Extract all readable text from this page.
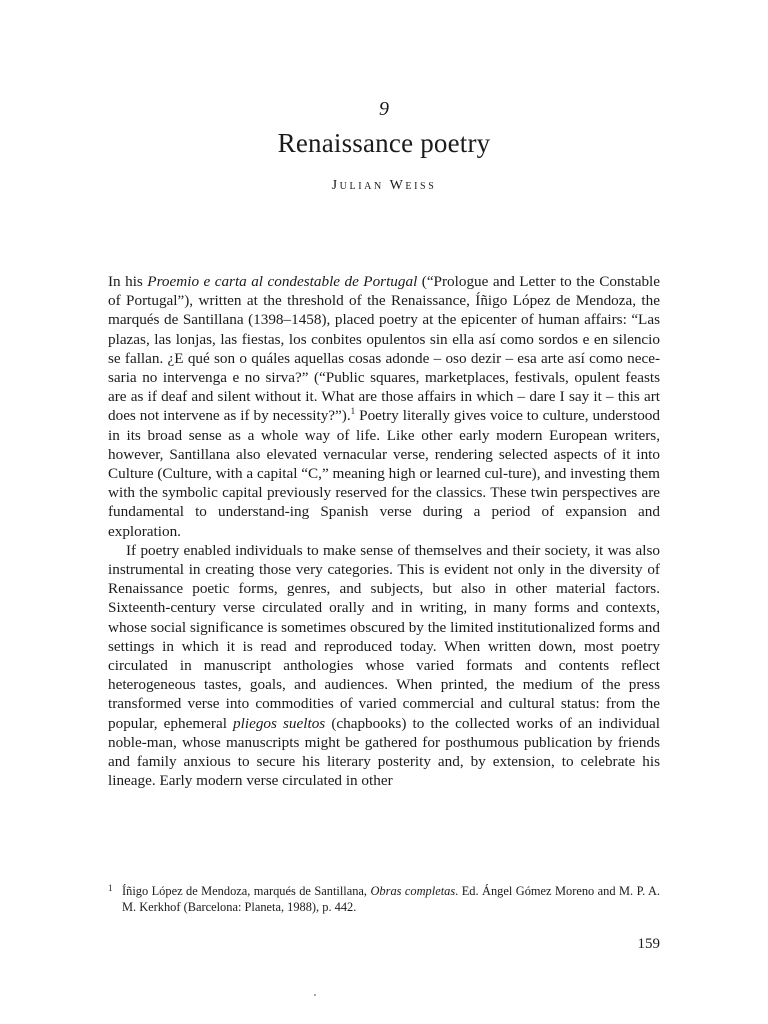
9
Renaissance poetry
Julian Weiss

In his Proemio e carta al condestable de Portugal (“Prologue and Letter to the Constable of Portugal”), written at the threshold of the Renaissance, Íñigo López de Mendoza, the marqués de Santillana (1398–1458), placed poetry at the epicenter of human affairs: “Las plazas, las lonjas, las fiestas, los conbites opulentos sin ella así como sordos e en silencio se fallan. ¿E qué son o quáles aquellas cosas adonde – oso dezir – esa arte así como nece-saria no intervenga e no sirva?” (“Public squares, marketplaces, festivals, opulent feasts are as if deaf and silent without it. What are those affairs in which – dare I say it – this art does not intervene as if by necessity?”).$^1$ Poetry literally gives voice to culture, understood in its broad sense as a whole way of life. Like other early modern European writers, however, Santillana also elevated vernacular verse, rendering selected aspects of it into Culture (Culture, with a capital “C,” meaning high or learned cul-ture), and investing them with the symbolic capital previously reserved for the classics. These twin perspectives are fundamental to understand-ing Spanish verse during a period of expansion and exploration.

If poetry enabled individuals to make sense of themselves and their society, it was also instrumental in creating those very categories. This is evident not only in the diversity of Renaissance poetic forms, genres, and subjects, but also in other material factors. Sixteenth-century verse circulated orally and in writing, in many forms and contexts, whose social significance is sometimes obscured by the limited institutionalized forms and settings in which it is read and reproduced today. When written down, most poetry circulated in manuscript anthologies whose varied formats and contents reflect heterogeneous tastes, goals, and audiences. When printed, the medium of the press transformed verse into commodities of varied commercial and cultural status: from the popular, ephemeral pliegos sueltos (chapbooks) to the collected works of an individual noble-man, whose manuscripts might be gathered for posthumous publication by friends and family anxious to secure his literary posterity and, by extension, to celebrate his lineage. Early modern verse circulated in other

1 Íñigo López de Mendoza, marqués de Santillana, Obras completas. Ed. Ángel Gómez Moreno and M. P. A. M. Kerkhof (Barcelona: Planeta, 1988), p. 442.
159
